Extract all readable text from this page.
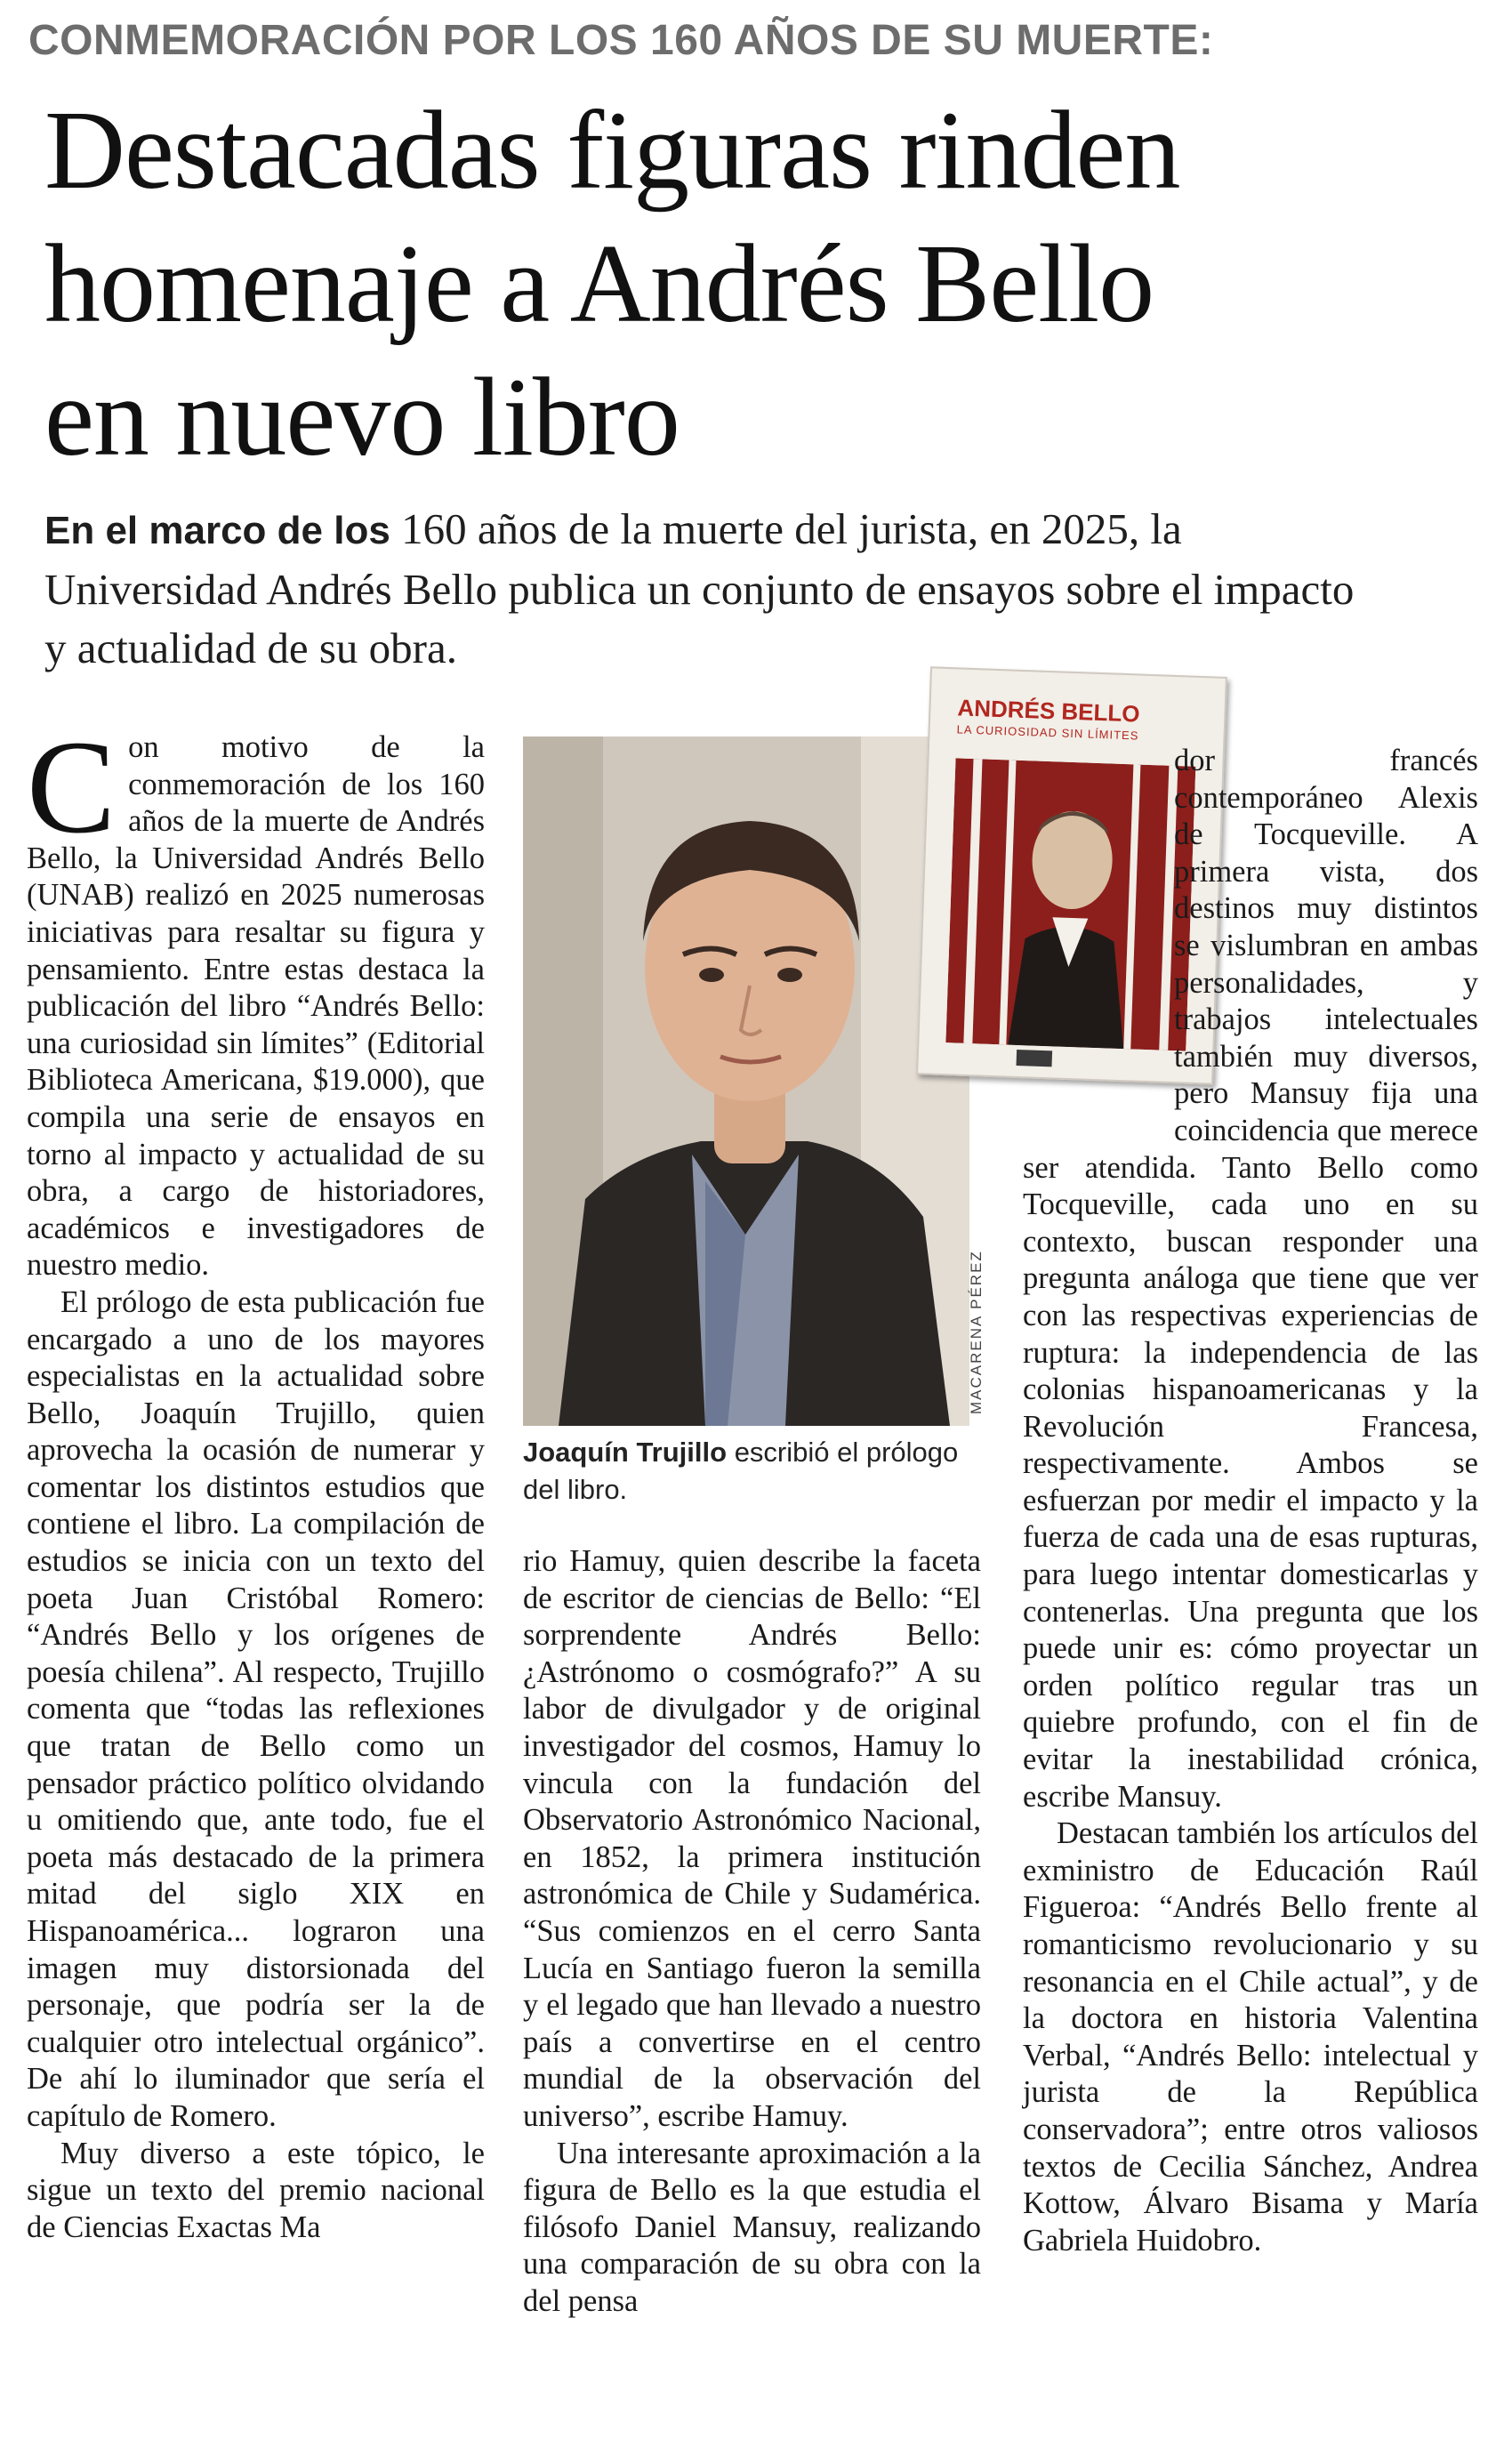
CONMEMORACIÓN POR LOS 160 AÑOS DE SU MUERTE:
Destacadas figuras rinden
homenaje a Andrés Bello
en nuevo libro
En el marco de los 160 años de la muerte del jurista, en 2025, la Universidad Andrés Bello publica un conjunto de ensayos sobre el impacto y actualidad de su obra.

Con motivo de la conmemoración de los 160 años de la muerte de Andrés Bello, la Universidad Andrés Bello (UNAB) realizó en 2025 numerosas iniciativas para resaltar su figura y pensamiento. Entre estas destaca la publicación del libro “Andrés Bello: una curiosidad sin límites” (Editorial Biblioteca Americana, $19.000), que compila una serie de ensayos en torno al impacto y actualidad de su obra, a cargo de historiadores, académicos e investigadores de nuestro medio.

El prólogo de esta publicación fue encargado a uno de los mayores especialistas en la actualidad sobre Bello, Joaquín Trujillo, quien aprovecha la ocasión de numerar y comentar los distintos estudios que contiene el libro. La compilación de estudios se inicia con un texto del poeta Juan Cristóbal Romero: “Andrés Bello y los orígenes de poesía chilena”. Al respecto, Trujillo comenta que “todas las reflexiones que tratan de Bello como un pensador práctico político olvidando u omitiendo que, ante todo, fue el poeta más destacado de la primera mitad del siglo XIX en Hispanoamérica... lograron una imagen muy distorsionada del personaje, que podría ser la de cualquier otro intelectual orgánico”. De ahí lo iluminador que sería el capítulo de Romero.

Muy diverso a este tópico, le sigue un texto del premio nacional de Ciencias Exactas Ma

MACARENA PÉREZ
Joaquín Trujillo escribió el prólogo del libro.
ANDRÉS BELLO
LA CURIOSIDAD SIN LÍMITES

rio Hamuy, quien describe la faceta de escritor de ciencias de Bello: “El sorprendente Andrés Bello: ¿Astrónomo o cosmógrafo?” A su labor de divulgador y de original investigador del cosmos, Hamuy lo vincula con la fundación del Observatorio Astronómico Nacional, en 1852, la primera institución astronómica de Chile y Sudamérica. “Sus comienzos en el cerro Santa Lucía en Santiago fueron la semilla y el legado que han llevado a nuestro país a convertirse en el centro mundial de la observación del universo”, escribe Hamuy.

Una interesante aproximación a la figura de Bello es la que estudia el filósofo Daniel Mansuy, realizando una comparación de su obra con la del pensa

dor francés contemporáneo Alexis de Tocqueville. A primera vista, dos destinos muy distintos se vislumbran en ambas personalidades, y trabajos intelectuales también muy diversos, pero Mansuy fija una coincidencia que merece ser atendida. Tanto Bello como Tocqueville, cada uno en su contexto, buscan responder una pregunta análoga que tiene que ver con las respectivas experiencias de ruptura: la independencia de las colonias hispanoamericanas y la Revolución Francesa, respectivamente. Ambos se esfuerzan por medir el impacto y la fuerza de cada una de esas rupturas, para luego intentar domesticarlas y contenerlas. Una pregunta que los puede unir es: cómo proyectar un orden político regular tras un quiebre profundo, con el fin de evitar la inestabilidad crónica, escribe Mansuy.

Destacan también los artículos del exministro de Educación Raúl Figueroa: “Andrés Bello frente al romanticismo revolucionario y su resonancia en el Chile actual”, y de la doctora en historia Valentina Verbal, “Andrés Bello: intelectual y jurista de la República conservadora”; entre otros valiosos textos de Cecilia Sánchez, Andrea Kottow, Álvaro Bisama y María Gabriela Huidobro.
